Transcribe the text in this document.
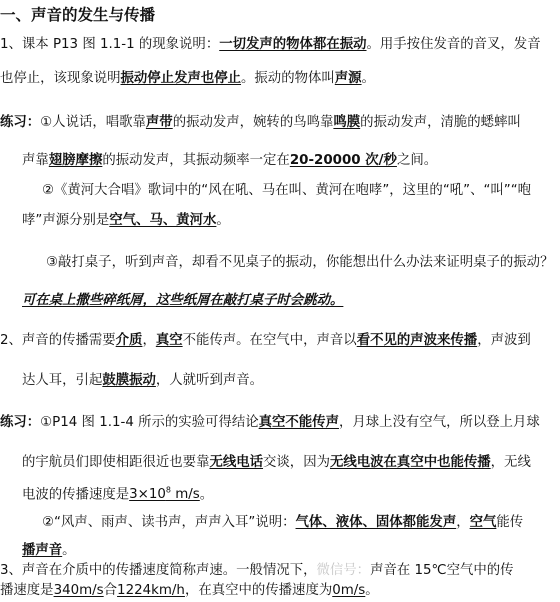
一、声音的发生与传播
1、课本 P13 图 1.1-1 的现象说明：一切发声的物体都在振动。用手按住发音的音叉，发音
也停止，该现象说明振动停止发声也停止。振动的物体叫声源。
练习：①人说话，唱歌靠声带的振动发声，婉转的鸟鸣靠鸣膜的振动发声，清脆的蟋蟀叫
声靠翅膀摩擦的振动发声，其振动频率一定在20-20000 次/秒之间。
②《黄河大合唱》歌词中的“风在吼、马在叫、黄河在咆哮”，这里的“吼”、“叫”“咆
哮”声源分别是空气、马、黄河水。
③敲打桌子，听到声音，却看不见桌子的振动，你能想出什么办法来证明桌子的振动？
可在桌上撒些碎纸屑，这些纸屑在敲打桌子时会跳动。
2、声音的传播需要介质，真空不能传声。在空气中，声音以看不见的声波来传播，声波到
达人耳，引起鼓膜振动，人就听到声音。
练习：①P14 图 1.1-4 所示的实验可得结论真空不能传声，月球上没有空气，所以登上月球
的宇航员们即使相距很近也要靠无线电话交谈，因为无线电波在真空中也能传播，无线
电波的传播速度是$3\times 10^8$ m/s。
②“风声、雨声、读书声，声声入耳”说明：气体、液体、固体都能发声，空气能传
播声音。
3、声音在介质中的传播速度简称声速。一般情况下，微信号：声音在 15℃空气中的传
播速度是340m/s合1224km/h，在真空中的传播速度为0m/s。
